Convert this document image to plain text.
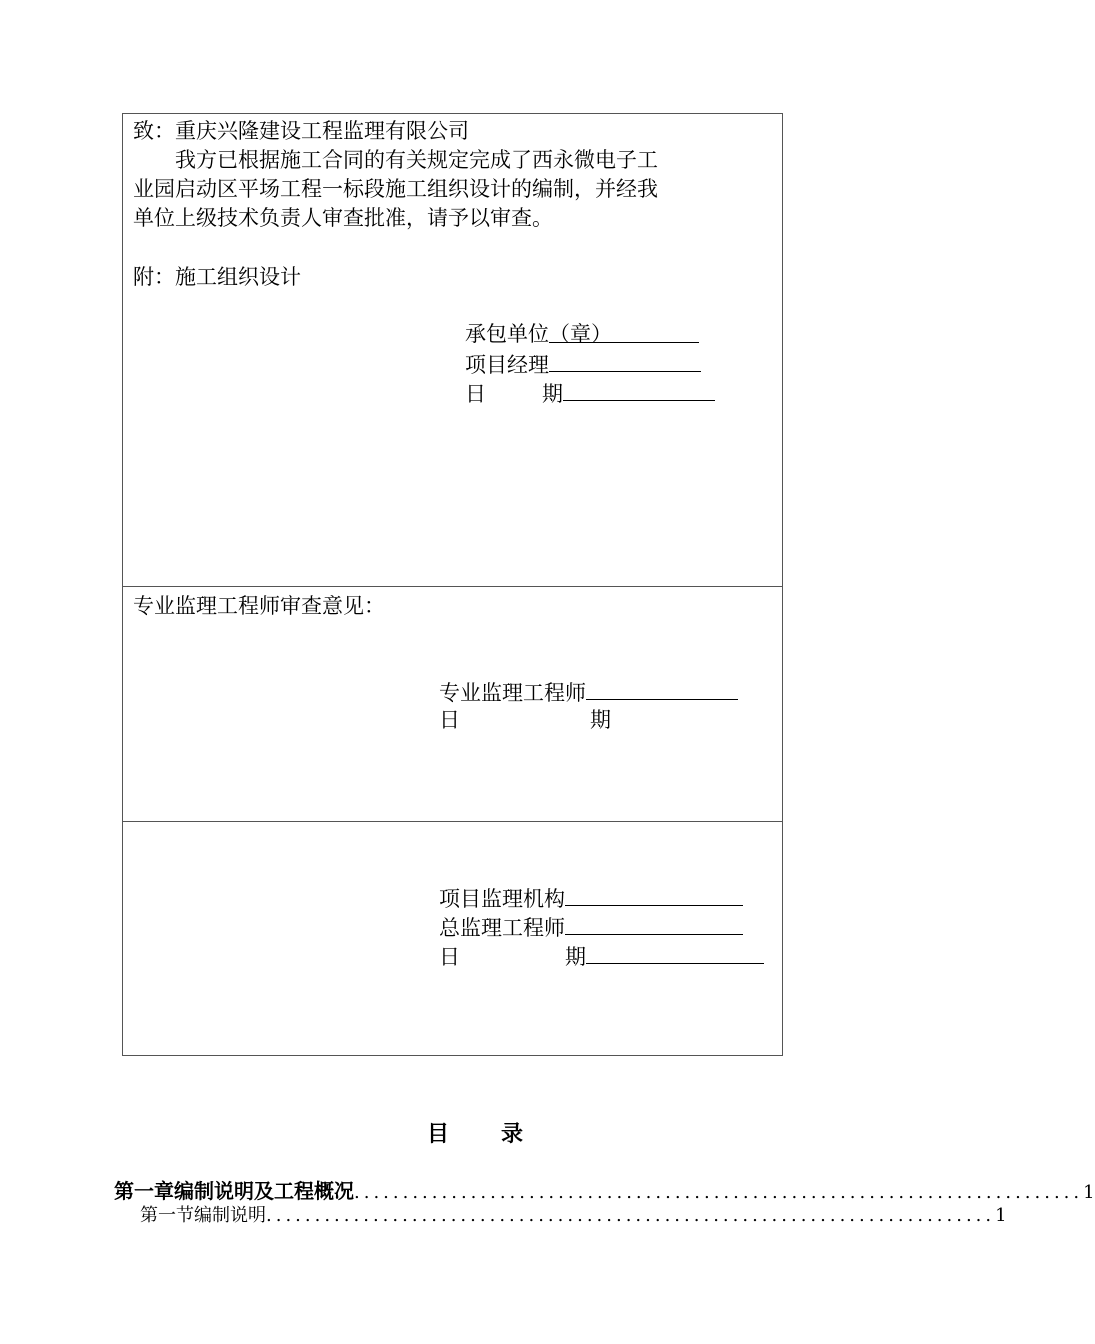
致：重庆兴隆建设工程监理有限公司
我方已根据施工合同的有关规定完成了西永微电子工
业园启动区平场工程一标段施工组织设计的编制，并经我
单位上级技术负责人审查批准，请予以审查。
附：施工组织设计
承包单位（章）
项目经理
日	期
专业监理工程师审查意见：
专业监理工程师
日	期
项目监理机构
总监理工程师
日	期
目 录
第一章 编制说明及工程概况 ........................................................................... 1
第一节 编制说明 ........................................................................... 1
